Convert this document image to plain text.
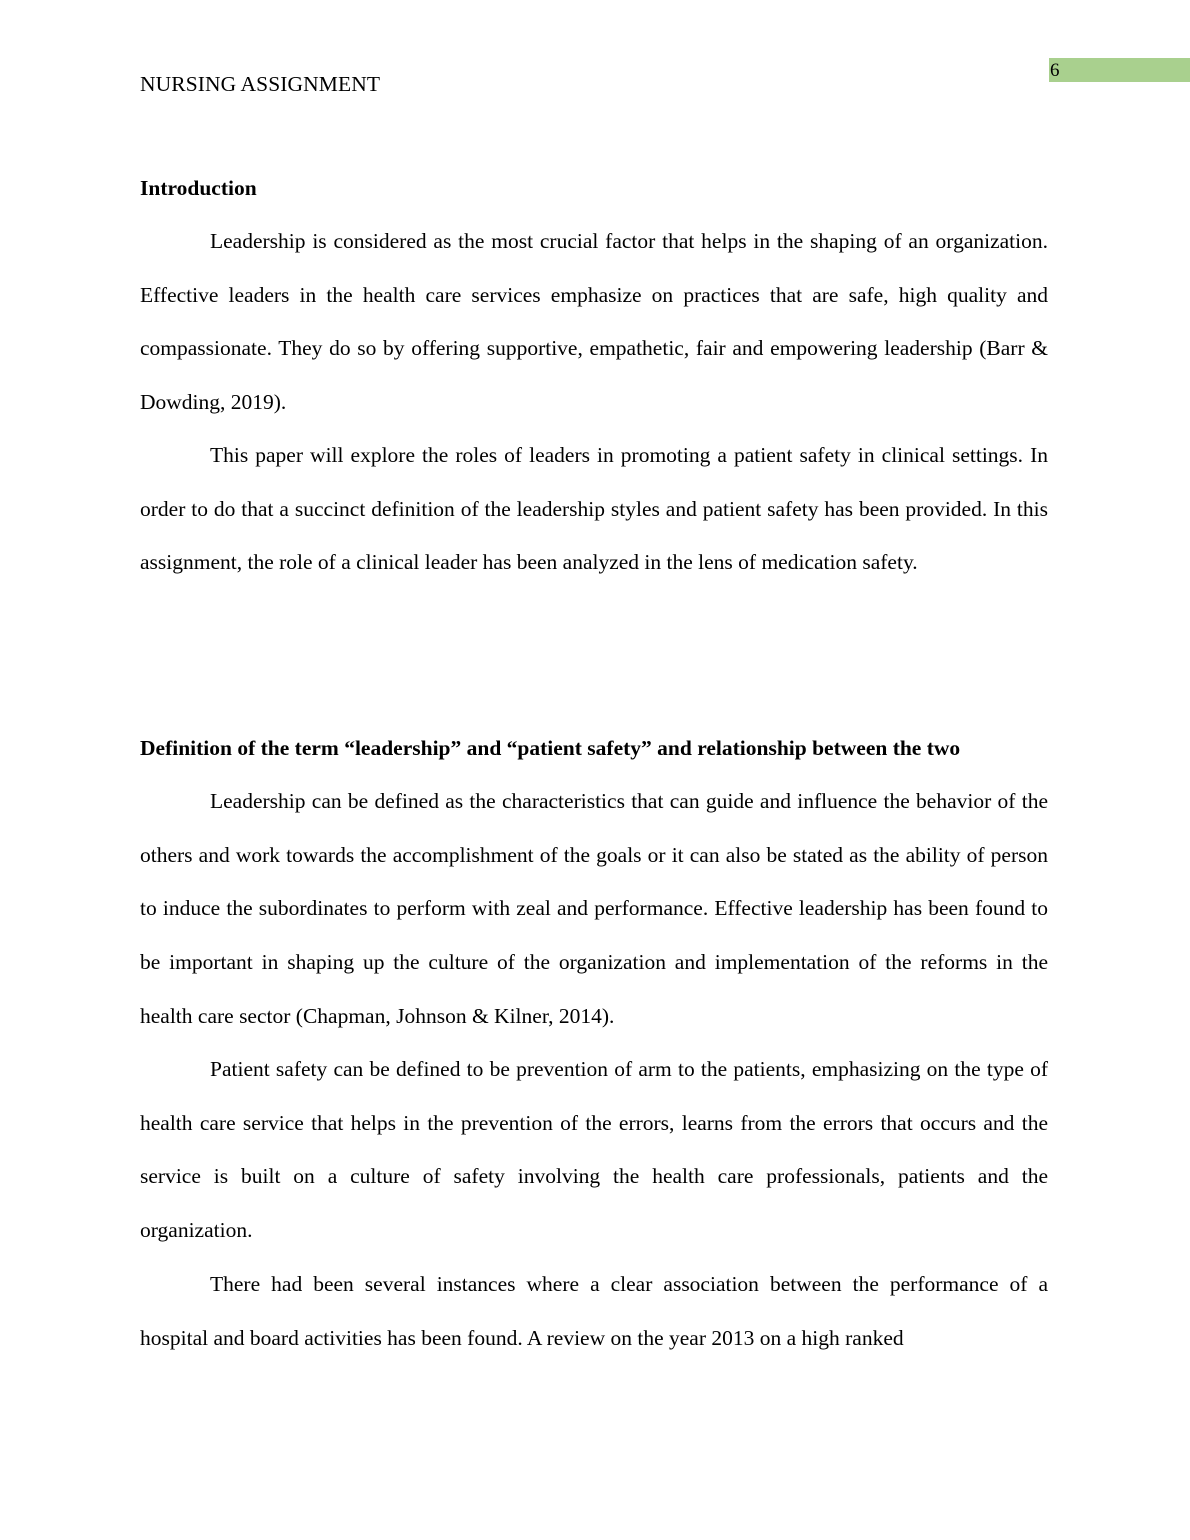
6
NURSING ASSIGNMENT
Introduction

Leadership is considered as the most crucial factor that helps in the shaping of an organization. Effective leaders in the health care services emphasize on practices that are safe, high quality and compassionate. They do so by offering supportive, empathetic, fair and empowering leadership (Barr & Dowding, 2019).

This paper will explore the roles of leaders in promoting a patient safety in clinical settings. In order to do that a succinct definition of the leadership styles and patient safety has been provided. In this assignment, the role of a clinical leader has been analyzed in the lens of medication safety.

Definition of the term “leadership” and “patient safety” and relationship between the two

Leadership can be defined as the characteristics that can guide and influence the behavior of the others and work towards the accomplishment of the goals or it can also be stated as the ability of person to induce the subordinates to perform with zeal and performance. Effective leadership has been found to be important in shaping up the culture of the organization and implementation of the reforms in the health care sector (Chapman, Johnson & Kilner, 2014).

Patient safety can be defined to be prevention of arm to the patients, emphasizing on the type of health care service that helps in the prevention of the errors, learns from the errors that occurs and the service is built on a culture of safety involving the health care professionals, patients and the organization.

There had been several instances where a clear association between the performance of a hospital and board activities has been found. A review on the year 2013 on a high ranked
